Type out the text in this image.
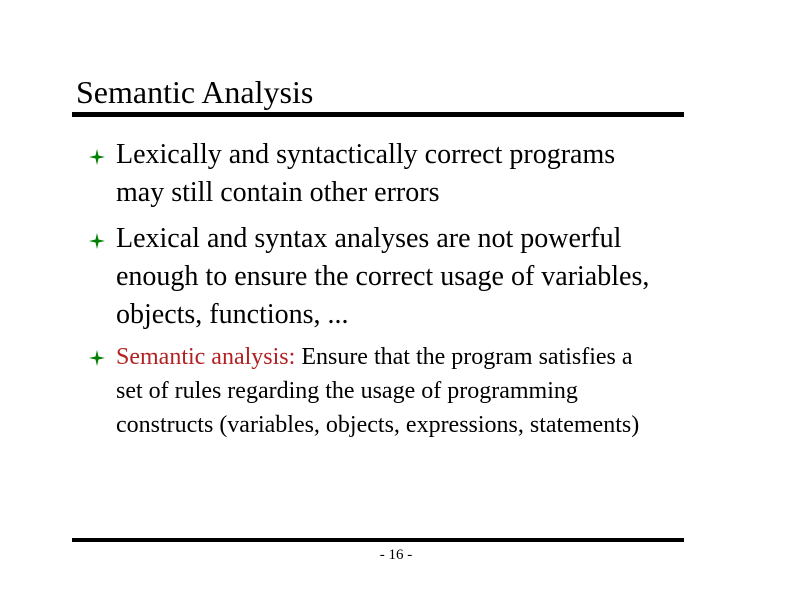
Semantic Analysis
Lexically and syntactically correct programs may still contain other errors
Lexical and syntax analyses are not powerful enough to ensure the correct usage of variables, objects, functions, ...
Semantic analysis: Ensure that the program satisfies a set of rules regarding the usage of programming constructs (variables, objects, expressions, statements)
- 16 -
